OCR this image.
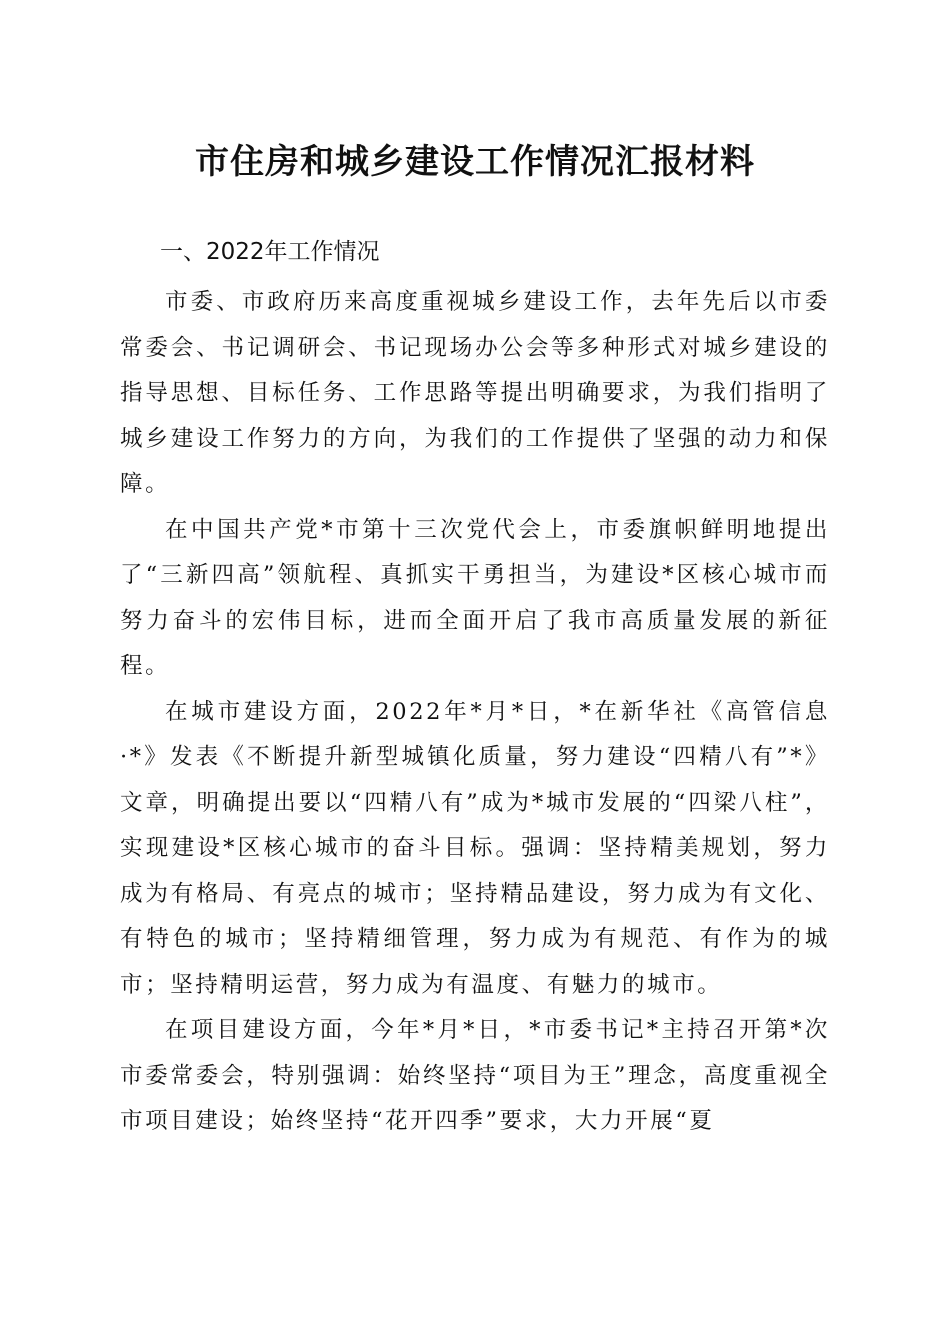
市住房和城乡建设工作情况汇报材料
一、2022年工作情况

市委、市政府历来高度重视城乡建设工作，去年先后以市委常委会、书记调研会、书记现场办公会等多种形式对城乡建设的指导思想、目标任务、工作思路等提出明确要求，为我们指明了城乡建设工作努力的方向，为我们的工作提供了坚强的动力和保障。

在中国共产党*市第十三次党代会上，市委旗帜鲜明地提出了“三新四高”领航程、真抓实干勇担当，为建设*区核心城市而努力奋斗的宏伟目标，进而全面开启了我市高质量发展的新征程。

在城市建设方面，2022年*月*日，*在新华社《高管信息·*》发表《不断提升新型城镇化质量，努力建设“四精八有”*》文章，明确提出要以“四精八有”成为*城市发展的“四梁八柱”，实现建设*区核心城市的奋斗目标。强调：坚持精美规划，努力成为有格局、有亮点的城市；坚持精品建设，努力成为有文化、有特色的城市；坚持精细管理，努力成为有规范、有作为的城市；坚持精明运营，努力成为有温度、有魅力的城市。

在项目建设方面，今年*月*日，*市委书记*主持召开第*次市委常委会，特别强调：始终坚持“项目为王”理念，高度重视全市项目建设；始终坚持“花开四季”要求，大力开展“夏
